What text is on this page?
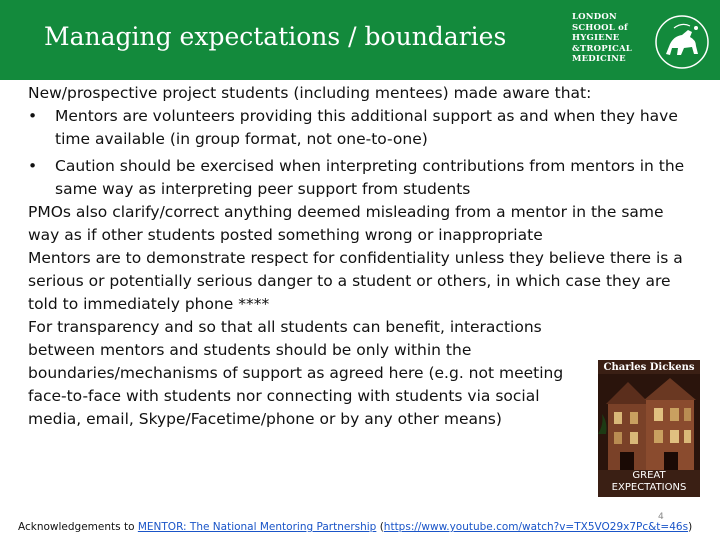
Managing expectations / boundaries
LONDON
SCHOOL of
HYGIENE
&TROPICAL
MEDICINE

New/prospective project students (including mentees) made aware that:

• Mentors are volunteers providing this additional support as and when they have time available (in group format, not one-to-one)
• Caution should be exercised when interpreting contributions from mentors in the same way as interpreting peer support from students

PMOs also clarify/correct anything deemed misleading from a mentor in the same way as if other students posted something wrong or inappropriate

Mentors are to demonstrate respect for confidentiality unless they believe there is a serious or potentially serious danger to a student or others, in which case they are told to immediately phone ****

For transparency and so that all students can benefit, interactions between mentors and students should be only within the boundaries/mechanisms of support as agreed here (e.g. not meeting face-to-face with students nor connecting with students via social media, email, Skype/Facetime/phone or by any other means)

Charles Dickens
GREAT
EXPECTATIONS
4
Acknowledgements to MENTOR: The National Mentoring Partnership (https://www.youtube.com/watch?v=TX5VO29x7Pc&t=46s)
